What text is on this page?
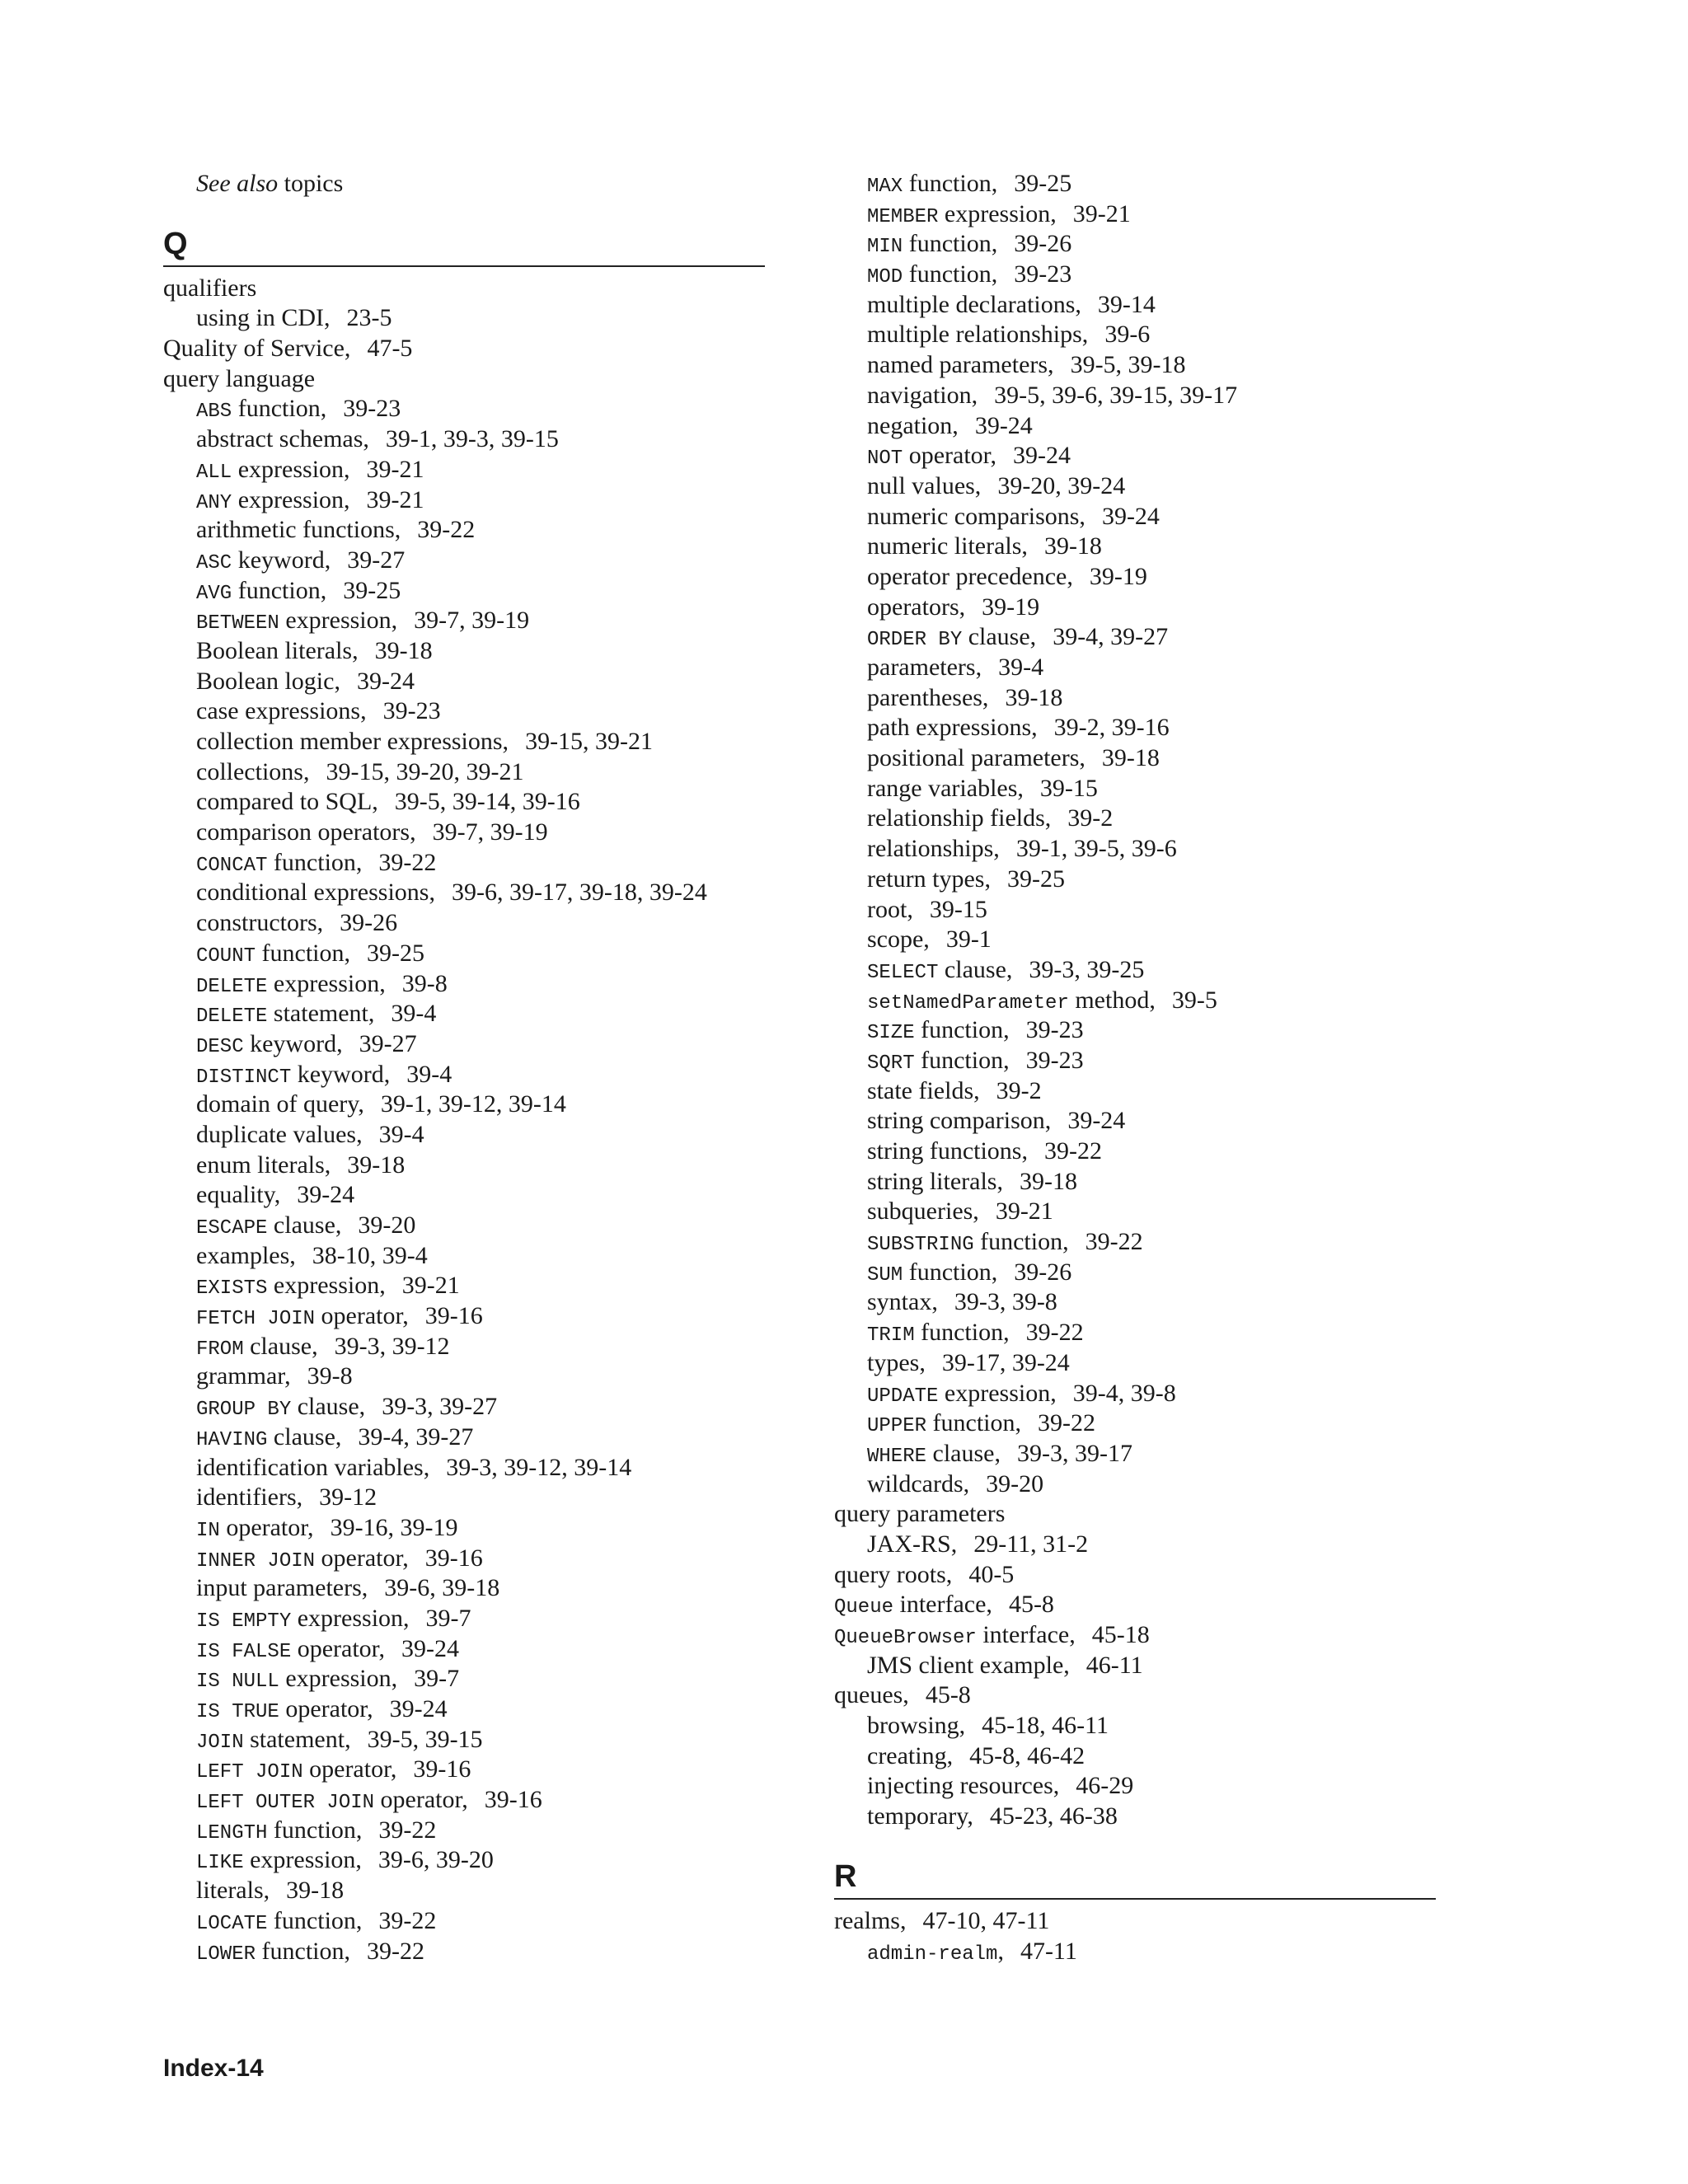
See also topics
Q
qualifiers
using in CDI, 23-5
Quality of Service, 47-5
query language
ABS function, 39-23
abstract schemas, 39-1, 39-3, 39-15
ALL expression, 39-21
ANY expression, 39-21
arithmetic functions, 39-22
ASC keyword, 39-27
AVG function, 39-25
BETWEEN expression, 39-7, 39-19
Boolean literals, 39-18
Boolean logic, 39-24
case expressions, 39-23
collection member expressions, 39-15, 39-21
collections, 39-15, 39-20, 39-21
compared to SQL, 39-5, 39-14, 39-16
comparison operators, 39-7, 39-19
CONCAT function, 39-22
conditional expressions, 39-6, 39-17, 39-18, 39-24
constructors, 39-26
COUNT function, 39-25
DELETE expression, 39-8
DELETE statement, 39-4
DESC keyword, 39-27
DISTINCT keyword, 39-4
domain of query, 39-1, 39-12, 39-14
duplicate values, 39-4
enum literals, 39-18
equality, 39-24
ESCAPE clause, 39-20
examples, 38-10, 39-4
EXISTS expression, 39-21
FETCH JOIN operator, 39-16
FROM clause, 39-3, 39-12
grammar, 39-8
GROUP BY clause, 39-3, 39-27
HAVING clause, 39-4, 39-27
identification variables, 39-3, 39-12, 39-14
identifiers, 39-12
IN operator, 39-16, 39-19
INNER JOIN operator, 39-16
input parameters, 39-6, 39-18
IS EMPTY expression, 39-7
IS FALSE operator, 39-24
IS NULL expression, 39-7
IS TRUE operator, 39-24
JOIN statement, 39-5, 39-15
LEFT JOIN operator, 39-16
LEFT OUTER JOIN operator, 39-16
LENGTH function, 39-22
LIKE expression, 39-6, 39-20
literals, 39-18
LOCATE function, 39-22
LOWER function, 39-22
MAX function, 39-25
MEMBER expression, 39-21
MIN function, 39-26
MOD function, 39-23
multiple declarations, 39-14
multiple relationships, 39-6
named parameters, 39-5, 39-18
navigation, 39-5, 39-6, 39-15, 39-17
negation, 39-24
NOT operator, 39-24
null values, 39-20, 39-24
numeric comparisons, 39-24
numeric literals, 39-18
operator precedence, 39-19
operators, 39-19
ORDER BY clause, 39-4, 39-27
parameters, 39-4
parentheses, 39-18
path expressions, 39-2, 39-16
positional parameters, 39-18
range variables, 39-15
relationship fields, 39-2
relationships, 39-1, 39-5, 39-6
return types, 39-25
root, 39-15
scope, 39-1
SELECT clause, 39-3, 39-25
setNamedParameter method, 39-5
SIZE function, 39-23
SQRT function, 39-23
state fields, 39-2
string comparison, 39-24
string functions, 39-22
string literals, 39-18
subqueries, 39-21
SUBSTRING function, 39-22
SUM function, 39-26
syntax, 39-3, 39-8
TRIM function, 39-22
types, 39-17, 39-24
UPDATE expression, 39-4, 39-8
UPPER function, 39-22
WHERE clause, 39-3, 39-17
wildcards, 39-20
query parameters
JAX-RS, 29-11, 31-2
query roots, 40-5
Queue interface, 45-8
QueueBrowser interface, 45-18
JMS client example, 46-11
queues, 45-8
browsing, 45-18, 46-11
creating, 45-8, 46-42
injecting resources, 46-29
temporary, 45-23, 46-38
R
realms, 47-10, 47-11
admin-realm, 47-11
Index-14
